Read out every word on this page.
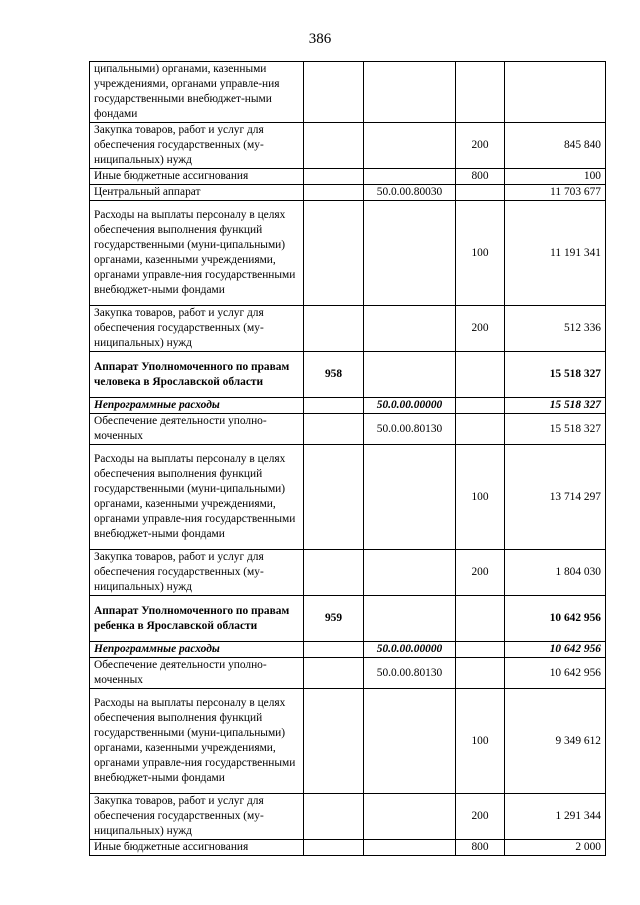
386
ципальными) органами, казенными учреждениями, органами управле-ния государственными внебюджет-ными фондами				
Закупка товаров, работ и услуг для обеспечения государственных (му-ниципальных) нужд			200	845 840
Иные бюджетные ассигнования			800	100
Центральный аппарат		50.0.00.80030		11 703 677
Расходы на выплаты персоналу в целях обеспечения выполнения функций государственными (муни-ципальными) органами, казенными учреждениями, органами управле-ния государственными внебюджет-ными фондами			100	11 191 341
Закупка товаров, работ и услуг для обеспечения государственных (му-ниципальных) нужд			200	512 336
Аппарат Уполномоченного по правам человека в Ярославской области	958			15 518 327
Непрограммные расходы		50.0.00.00000		15 518 327
Обеспечение деятельности уполно-моченных		50.0.00.80130		15 518 327
Расходы на выплаты персоналу в целях обеспечения выполнения функций государственными (муни-ципальными) органами, казенными учреждениями, органами управле-ния государственными внебюджет-ными фондами			100	13 714 297
Закупка товаров, работ и услуг для обеспечения государственных (му-ниципальных) нужд			200	1 804 030
Аппарат Уполномоченного по правам ребенка в Ярославской области	959			10 642 956
Непрограммные расходы		50.0.00.00000		10 642 956
Обеспечение деятельности уполно-моченных		50.0.00.80130		10 642 956
Расходы на выплаты персоналу в целях обеспечения выполнения функций государственными (муни-ципальными) органами, казенными учреждениями, органами управле-ния государственными внебюджет-ными фондами			100	9 349 612
Закупка товаров, работ и услуг для обеспечения государственных (му-ниципальных) нужд			200	1 291 344
Иные бюджетные ассигнования			800	2 000
